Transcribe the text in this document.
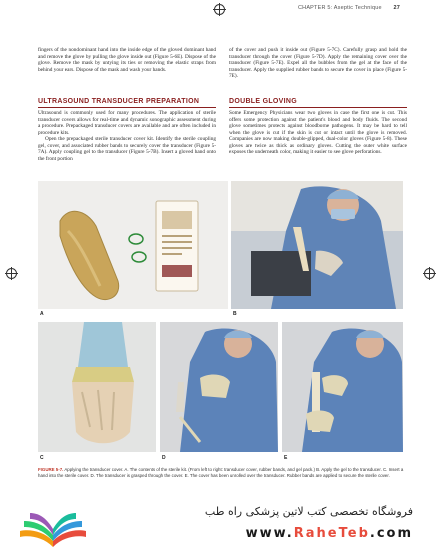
CHAPTER 5: Aseptic Technique 27

fingers of the nondominant hand into the inside edge of the gloved dominant hand and remove the glove by pulling the glove inside out (Figure 5-6E). Dispose of the glove. Remove the mask by untying its ties or removing the elastic straps from behind your ears. Dispose of the mask and wash your hands.

ULTRASOUND TRANSDUCER PREPARATION

Ultrasound is commonly used for many procedures. The application of sterile transducer covers allows for real-time and dynamic sonographic assessment during a procedure. Prepackaged transducer covers are available and are often included in procedure kits.

Open the prepackaged sterile transducer cover kit. Identify the sterile coupling gel, cover, and associated rubber bands to securely cover the transducer (Figure 5-7A). Apply coupling gel to the transducer (Figure 5-7B). Insert a gloved hand onto the front portion

of the cover and push it inside out (Figure 5-7C). Carefully grasp and hold the transducer through the cover (Figure 5-7D). Apply the remaining cover over the transducer (Figure 5-7E). Expel all the bubbles from the gel at the face of the transducer. Apply the supplied rubber bands to secure the cover in place (Figure 5-7E).

DOUBLE GLOVING

Some Emergency Physicians wear two gloves in case the first one is cut. This offers some protection against the patient's blood and body fluids. The second glove sometimes protects against bloodborne pathogens. It may be hard to tell when the glove is cut if the skin is cut or intact until the glove is removed. Companies are now making double-glipped, dual-color gloves (Figure 5-8). These gloves are twice as thick as ordinary gloves. Cutting the outer white surface exposes the underneath color, making it easier to see glove perforations.

A	B
C	D	E
FIGURE 5-7. Applying the transducer cover. A. The contents of the sterile kit. (From left to right: transducer cover, rubber bands, and gel pack.) B. Apply the gel to the transducer. C. Insert a hand into the sterile cover. D. The transducer is grasped through the cover. E. The cover has been unrolled over the transducer. Rubber bands are applied to secure the sterile cover.
فروشگاه تخصصی کتب لاتین پزشکی راه طب
www.RaheTeb.com
